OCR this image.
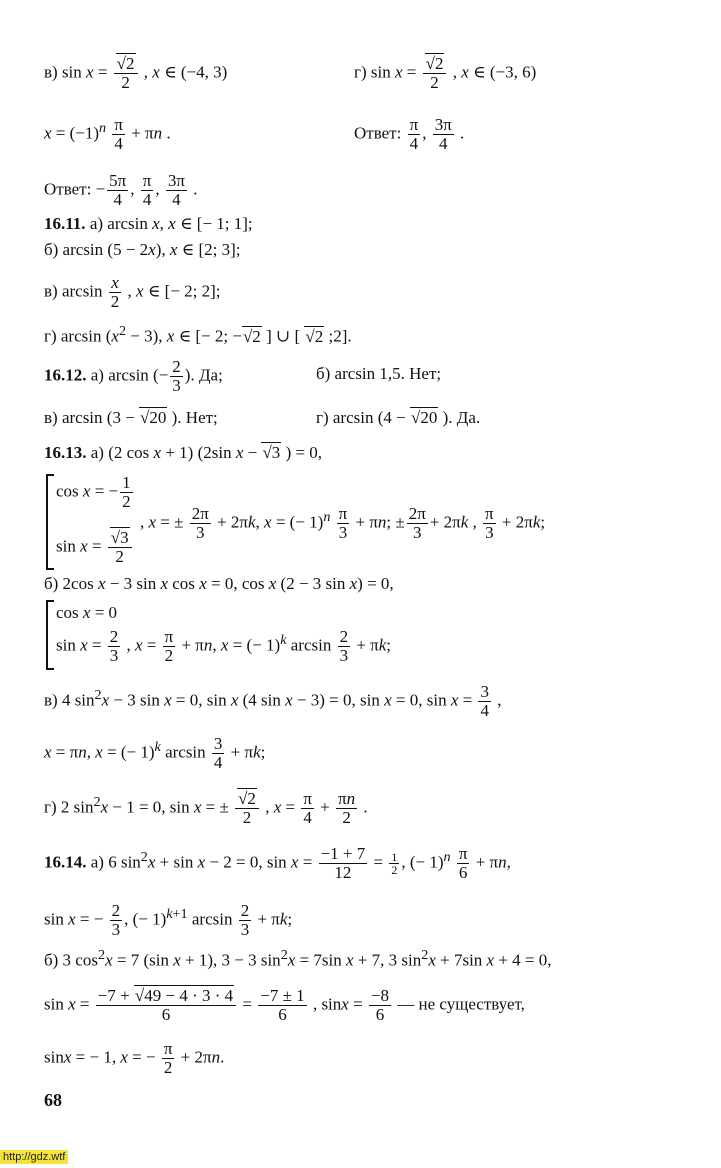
в) $\sin x = \frac{√2}{2}$ , x ∈ (−4, 3)	г) $\sin x = \frac{√2}{2}$ , x ∈ (−3, 6)
$x = (-1)^n \frac{\pi}{4} + \pi n$ .	Ответ: $\frac{\pi}{4}$ , $\frac{3\pi}{4}$ .
Ответ: − $\frac{5\pi}{4}$ , $\frac{\pi}{4}$ , $\frac{3\pi}{4}$ .
16.11. а) arcsin x, x ∈ [− 1; 1];
б) arcsin (5 − 2x), x ∈ [2; 3];
в) $\arcsin \frac{x}{2}$ , x ∈ [− 2; 2];
г) $\arcsin (x^2 - 3)$, x ∈ [− 2; −√2 ] ∪ [ √2 ;2].
16.12. а) arcsin (− $\frac{2}{3}$ ). Да;	б) arcsin 1,5. Нет;
в) arcsin (3 − √20 ). Нет;	г) arcsin (4 − √20 ). Да.
16.13. а) (2 cos x + 1) (2sin x − √3 ) = 0,
cos x = − $\frac{1}{2}$

$\sin x = \frac{√3}{2}$
, x = ± $\frac{2\pi}{3} + 2\pi k$, x = (− $1)^n \frac{\pi}{3} + \pi n$; ± $\frac{2\pi}{3} + 2\pi k$ , $\frac{\pi}{3} + 2\pi k$;
б) 2cos x − 3 sin x cos x = 0, cos x (2 − 3 sin x) = 0,
cos x = 0
$\sin x = \frac{2}{3}$ , $x = \frac{\pi}{2} + \pi n$, x = (− 1)$^k$ $\arcsin \frac{2}{3} + \pi k$;
в) 4 $\sin^2x - 3$ sin x = 0, sin x (4 sin x − 3) = 0, sin x = 0, $\sin x = \frac{3}{4}$ ,
x = πn, x = (− 1)$^k$ $\arcsin \frac{3}{4} + \pi k$;
г) 2 $\sin^2x - 1 = 0$, sin x = ± $\frac{√2}{2}$ , $x = \frac{\pi}{4} + \frac{\pi n}{2}$ .
16.14. а) 6 $\sin^2x + \sin x - 2 = 0$, $\sin x = \frac{-1 + 7}{12} = \frac{1}{2}$ , (− $1)^n \frac{\pi}{6} + \pi n$,
sin x = − $\frac{2}{3}$ , (− 1)$^{k+1}$ $\arcsin \frac{2}{3} + \pi k$;
б) 3 $\cos^2x = 7$ (sin x + 1), 3 − 3 $\sin^2x = 7\sin$ x + 7, 3 $\sin^2x + 7\sin$ x + 4 = 0,
$\sin x = \frac{-7 + √49 - 4 \cdot 3 \cdot 4}{6} = \frac{-7 \pm 1}{6}$ , $\sin x = \frac{-8}{6}$ — не существует,
sinx = − 1, x = − $\frac{\pi}{2} + 2\pi n$.
68
http://gdz.wtf
